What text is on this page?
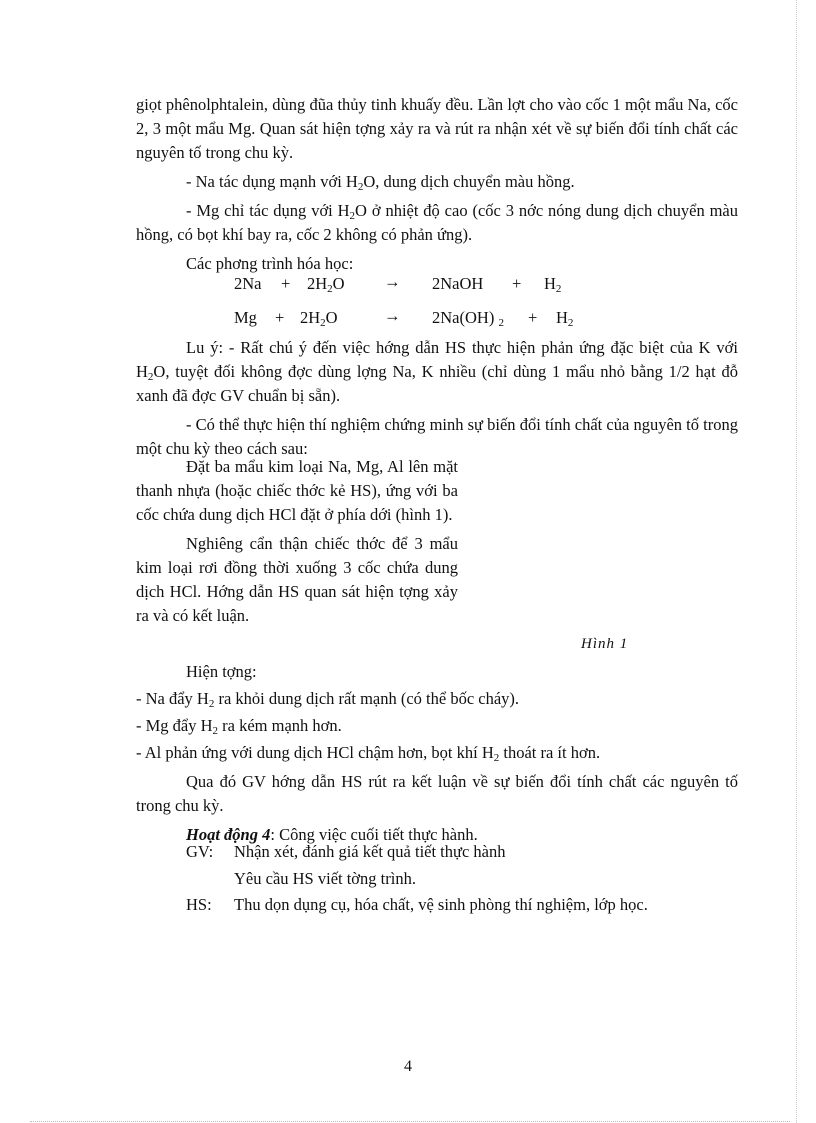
giọt phênolphtalein, dùng đũa thủy tinh khuấy đều. Lần lợt cho vào cốc 1 một mẩu Na, cốc 2, 3 một mẩu Mg. Quan sát hiện tợng xảy ra và rút ra nhận xét về sự biến đổi tính chất các nguyên tố trong chu kỳ.

- Na tác dụng mạnh với $H_2O$, dung dịch chuyển màu hồng.

- Mg chỉ tác dụng với $H_2O$ ở nhiệt độ cao (cốc 3 nớc nóng dung dịch chuyển màu hồng, có bọt khí bay ra, cốc 2 không có phản ứng).

Các phơng trình hóa học:

$2Na + 2H_2O$ → 2NaOH + $H_2$
$Mg + 2H_2O$	→ 2Na(OH) $_2 + H_2$

Lu ý: - Rất chú ý đến việc hớng dẫn HS thực hiện phản ứng đặc biệt của K với $H_2O$, tuyệt đối không đợc dùng lợng Na, K nhiều (chỉ dùng 1 mẩu nhỏ bằng 1/2 hạt đỗ xanh đã đợc GV chuẩn bị sẵn).

- Có thể thực hiện thí nghiệm chứng minh sự biến đổi tính chất của nguyên tố trong một chu kỳ theo cách sau:

Đặt ba mẩu kim loại Na, Mg, Al lên mặt thanh nhựa (hoặc chiếc thớc kẻ HS), ứng với ba cốc chứa dung dịch HCl đặt ở phía dới (hình 1).

Nghiêng cẩn thận chiếc thớc để 3 mẩu kim loại rơi đồng thời xuống 3 cốc chứa dung dịch HCl. Hớng dẫn HS quan sát hiện tợng xảy ra và có kết luận.

Hình 1

Hiện tợng:

- Na đẩy $H_2$ ra khỏi dung dịch rất mạnh (có thể bốc cháy).

- Mg đẩy $H_2$ ra kém mạnh hơn.

- Al phản ứng với dung dịch HCl chậm hơn, bọt khí $H_2$ thoát ra ít hơn.

Qua đó GV hớng dẫn HS rút ra kết luận về sự biến đổi tính chất các nguyên tố trong chu kỳ.

Hoạt động 4: Công việc cuối tiết thực hành.

GV: Nhận xét, đánh giá kết quả tiết thực hành
Yêu cầu HS viết tờng trình.
HS: Thu dọn dụng cụ, hóa chất, vệ sinh phòng thí nghiệm, lớp học.
4
